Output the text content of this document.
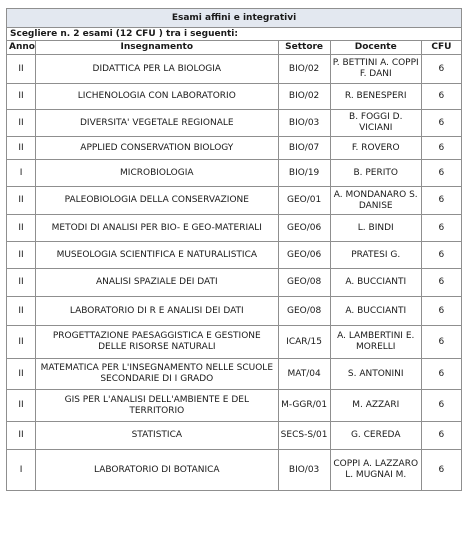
Esami affini e integrativi				
Scegliere n. 2 esami (12 CFU ) tra i seguenti:				
Anno	Insegnamento	Settore	Docente	CFU
II	DIDATTICA PER LA BIOLOGIA	BIO/02	P. BETTINI A. COPPI F. DANI	6
II	LICHENOLOGIA CON LABORATORIO	BIO/02	R. BENESPERI	6
II	DIVERSITA' VEGETALE REGIONALE	BIO/03	B. FOGGI D. VICIANI	6
II	APPLIED CONSERVATION BIOLOGY	BIO/07	F. ROVERO	6
I	MICROBIOLOGIA	BIO/19	B. PERITO	6
II	PALEOBIOLOGIA DELLA CONSERVAZIONE	GEO/01	A. MONDANARO S. DANISE	6
II	METODI DI ANALISI PER BIO- E GEO-MATERIALI	GEO/06	L. BINDI	6
II	MUSEOLOGIA SCIENTIFICA E NATURALISTICA	GEO/06	PRATESI G.	6
II	ANALISI SPAZIALE DEI DATI	GEO/08	A. BUCCIANTI	6
II	LABORATORIO DI R E ANALISI DEI DATI	GEO/08	A. BUCCIANTI	6
II	PROGETTAZIONE PAESAGGISTICA E GESTIONE DELLE RISORSE NATURALI	ICAR/15	A. LAMBERTINI E. MORELLI	6
II	MATEMATICA PER L'INSEGNAMENTO NELLE SCUOLE SECONDARIE DI I GRADO	MAT/04	S. ANTONINI	6
II	GIS PER L'ANALISI DELL'AMBIENTE E DEL TERRITORIO	M-GGR/01	M. AZZARI	6
II	STATISTICA	SECS-S/01	G. CEREDA	6
I	LABORATORIO DI BOTANICA	BIO/03	COPPI A. LAZZARO L. MUGNAI M.	6
